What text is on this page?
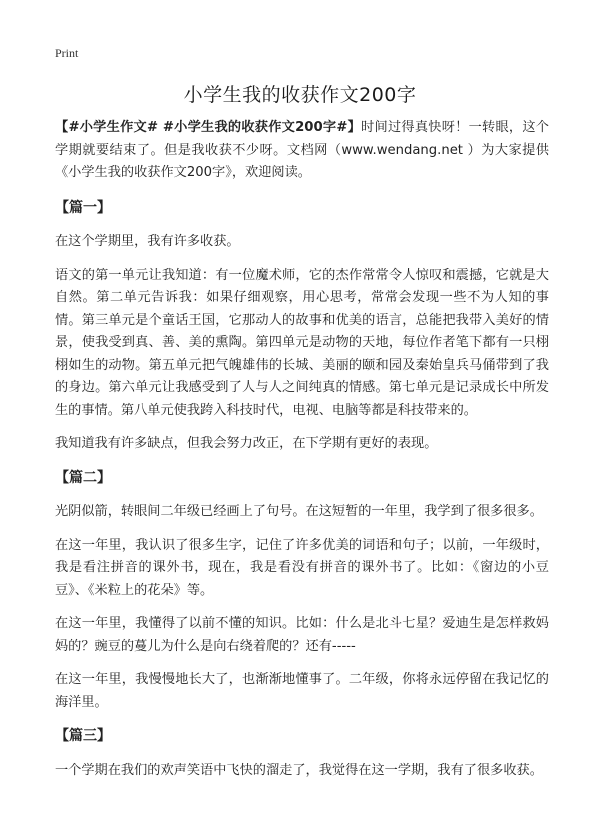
Print
小学生我的收获作文200字

【#小学生作文# #小学生我的收获作文200字#】时间过得真快呀！一转眼，这个学期就要结束了。但是我收获不少呀。文档网（www.wendang.net ）为大家提供《小学生我的收获作文200字》，欢迎阅读。

【篇一】

在这个学期里，我有许多收获。

语文的第一单元让我知道：有一位魔术师，它的杰作常常令人惊叹和震撼，它就是大自然。第二单元告诉我：如果仔细观察，用心思考，常常会发现一些不为人知的事情。第三单元是个童话王国，它那动人的故事和优美的语言，总能把我带入美好的情景，使我受到真、善、美的熏陶。第四单元是动物的天地，每位作者笔下都有一只栩栩如生的动物。第五单元把气魄雄伟的长城、美丽的颐和园及秦始皇兵马俑带到了我的身边。第六单元让我感受到了人与人之间纯真的情感。第七单元是记录成长中所发生的事情。第八单元使我跨入科技时代，电视、电脑等都是科技带来的。

我知道我有许多缺点，但我会努力改正，在下学期有更好的表现。

【篇二】

光阴似箭，转眼间二年级已经画上了句号。在这短暂的一年里，我学到了很多很多。

在这一年里，我认识了很多生字，记住了许多优美的词语和句子；以前，一年级时，我是看注拼音的课外书，现在，我是看没有拼音的课外书了。比如：《窗边的小豆豆》、《米粒上的花朵》等。

在这一年里，我懂得了以前不懂的知识。比如：什么是北斗七星？爱迪生是怎样救妈妈的？豌豆的蔓儿为什么是向右绕着爬的？还有-----

在这一年里，我慢慢地长大了，也渐渐地懂事了。二年级，你将永远停留在我记忆的海洋里。

【篇三】

一个学期在我们的欢声笑语中飞快的溜走了，我觉得在这一学期，我有了很多收获。
